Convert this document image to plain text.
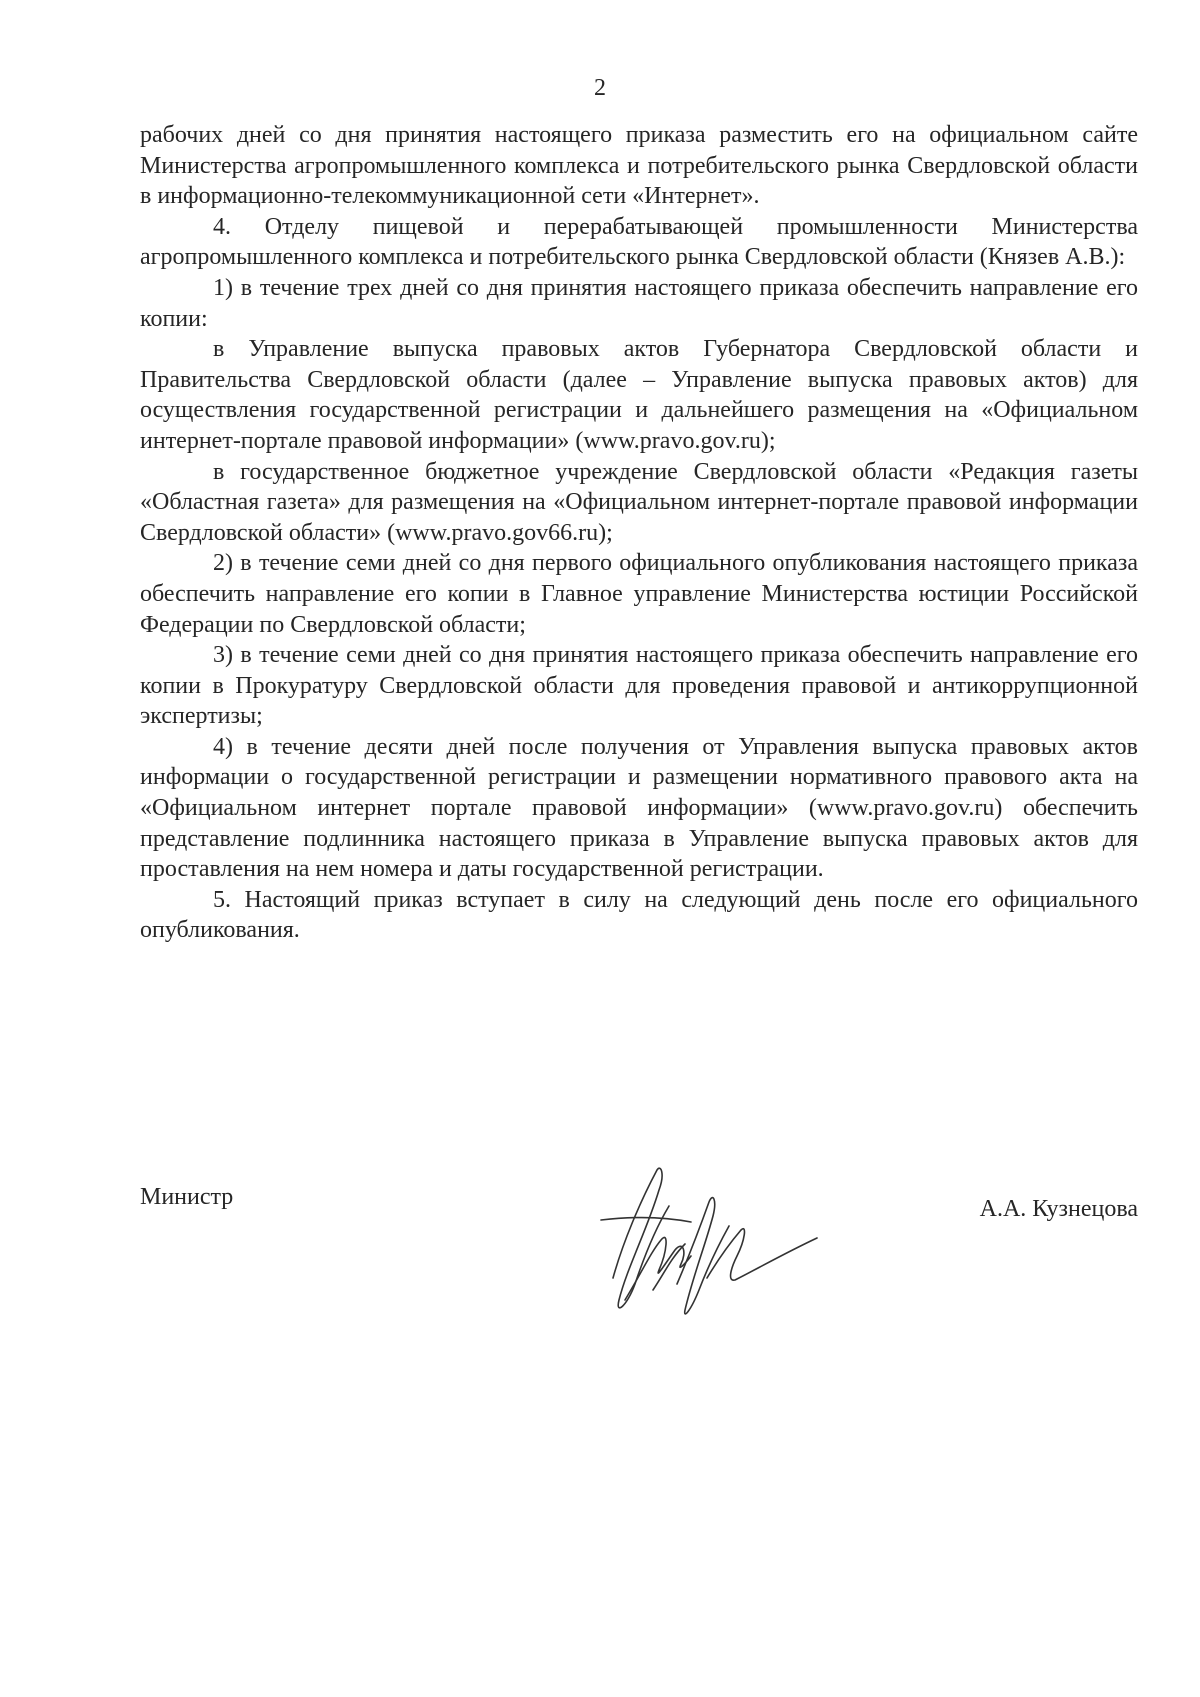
2

рабочих дней со дня принятия настоящего приказа разместить его на официальном сайте Министерства агропромышленного комплекса и потребительского рынка Свердловской области в информационно-телекоммуникационной сети «Интернет».

4. Отделу пищевой и перерабатывающей промышленности Министерства агропромышленного комплекса и потребительского рынка Свердловской области (Князев А.В.):

1) в течение трех дней со дня принятия настоящего приказа обеспечить направление его копии:

в Управление выпуска правовых актов Губернатора Свердловской области и Правительства Свердловской области (далее – Управление выпуска правовых актов) для осуществления государственной регистрации и дальнейшего размещения на «Официальном интернет-портале правовой информации» (www.pravo.gov.ru);

в государственное бюджетное учреждение Свердловской области «Редакция газеты «Областная газета» для размещения на «Официальном интернет-портале правовой информации Свердловской области» (www.pravo.gov66.ru);

2) в течение семи дней со дня первого официального опубликования настоящего приказа обеспечить направление его копии в Главное управление Министерства юстиции Российской Федерации по Свердловской области;

3) в течение семи дней со дня принятия настоящего приказа обеспечить направление его копии в Прокуратуру Свердловской области для проведения правовой и антикоррупционной экспертизы;

4) в течение десяти дней после получения от Управления выпуска правовых актов информации о государственной регистрации и размещении нормативного правового акта на «Официальном интернет портале правовой информации» (www.pravo.gov.ru) обеспечить представление подлинника настоящего приказа в Управление выпуска правовых актов для проставления на нем номера и даты государственной регистрации.

5. Настоящий приказ вступает в силу на следующий день после его официального опубликования.

Министр	А.А. Кузнецова
